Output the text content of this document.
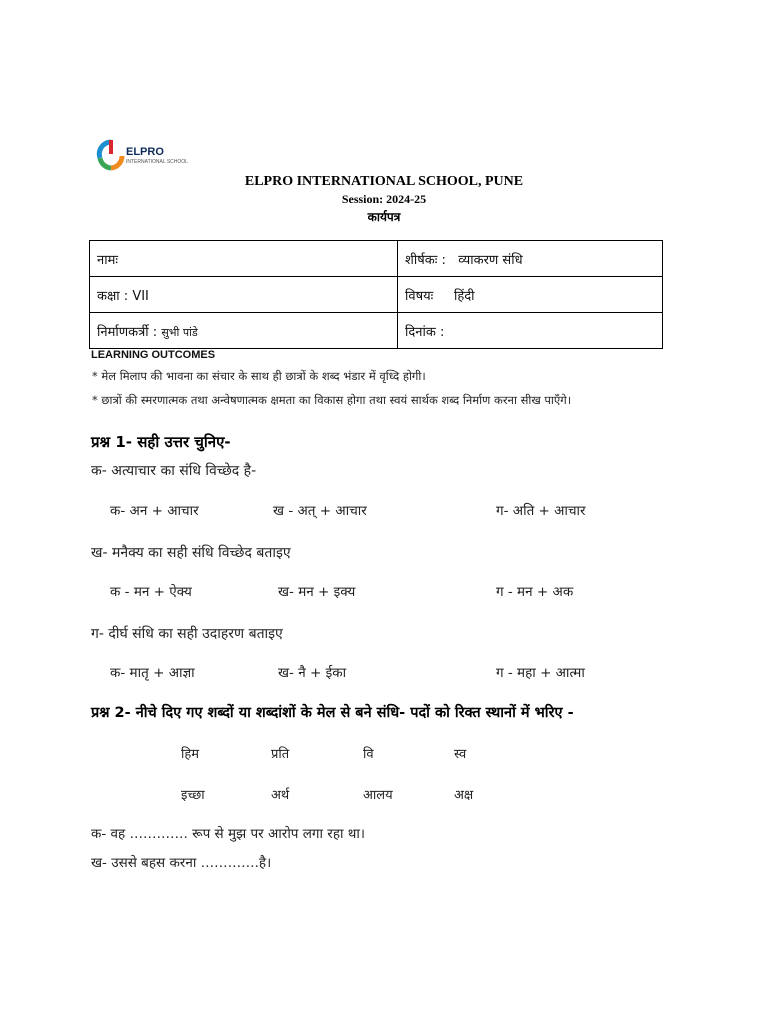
ELPRO
INTERNATIONAL SCHOOL
ELPRO INTERNATIONAL SCHOOL, PUNE
Session: 2024-25
कार्यपत्र
नामः	शीर्षकः : व्याकरण संधि
कक्षा : VII	विषयः हिंदी
निर्माणकर्त्री : सुभी पांडे	दिनांक :
LEARNING OUTCOMES
* मेल मिलाप की भावना का संचार के साथ ही छात्रों के शब्द भंडार में वृध्दि होगी।
* छात्रों की स्मरणात्मक तथा अन्वेषणात्मक क्षमता का विकास होगा तथा स्वयं सार्थक शब्द निर्माण करना सीख पाएँगे।
प्रश्न 1- सही उत्तर चुनिए-
क- अत्याचार का संधि विच्छेद है-
क- अन + आचार	ख - अत् + आचार	ग- अति + आचार
ख- मनैक्य का सही संधि विच्छेद बताइए
क - मन + ऐक्य	ख- मन + इक्य	ग - मन + अक
ग- दीर्घ संधि का सही उदाहरण बताइए
क- मातृ + आज्ञा	ख- नै + ईका	ग - महा + आत्मा
प्रश्न 2- नीचे दिए गए शब्दों या शब्दांशों के मेल से बने संधि- पदों को रिक्त स्थानों में भरिए -
हिम	प्रति	वि	स्व
इच्छा	अर्थ	आलय	अक्ष
क- वह …………. रूप से मुझ पर आरोप लगा रहा था।
ख- उससे बहस करना ………….है।
